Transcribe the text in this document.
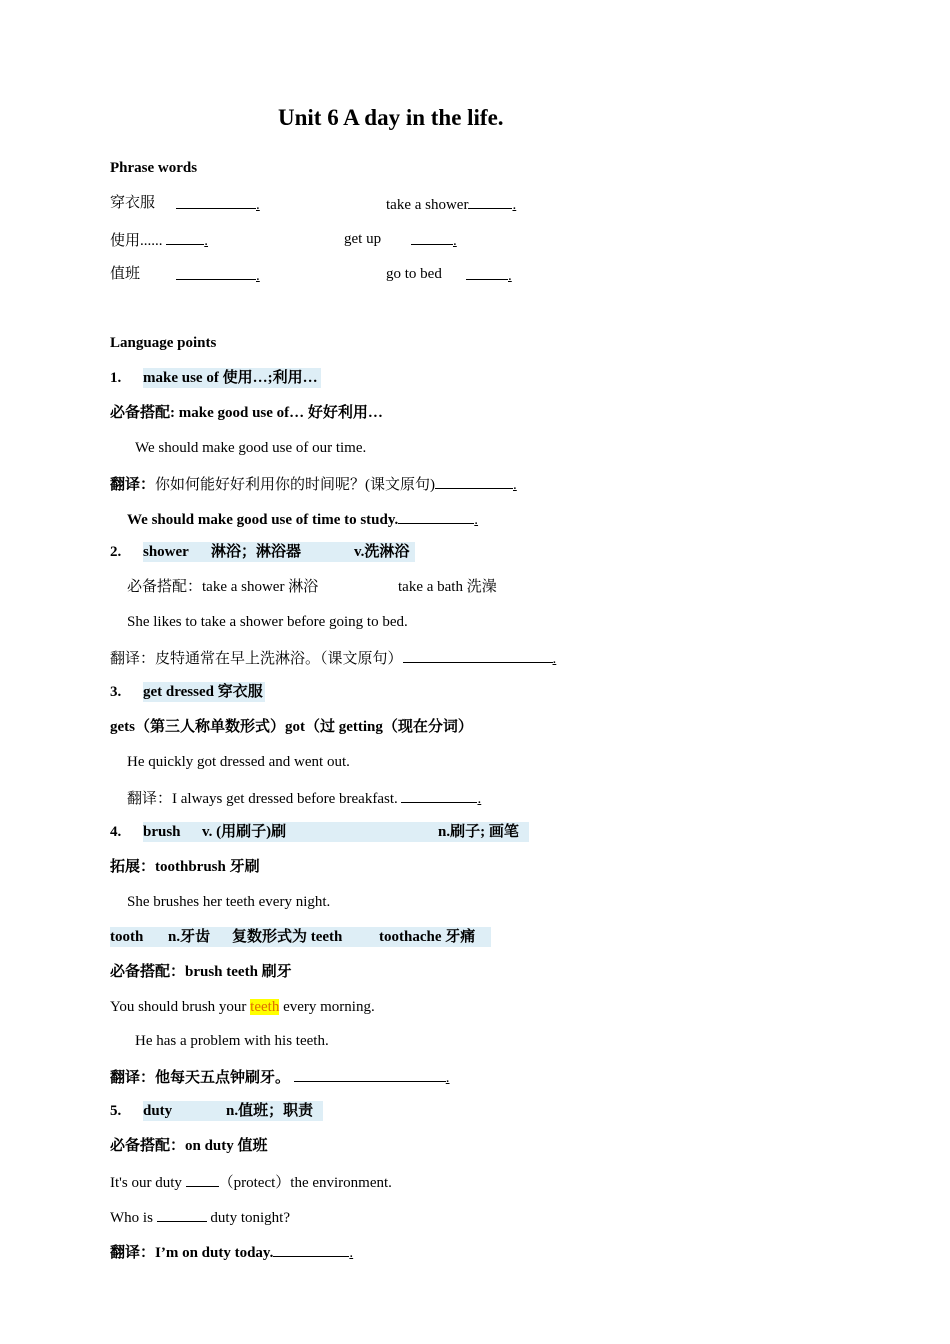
Unit 6 A day in the life.
Phrase words
穿衣服	.	take a shower	.
使用......	.	get up	.
值班	.	go to bed	.
Language points
1. make use of 使用…;利用…
必备搭配: make good use of… 好好利用…
We should make good use of our time.
翻译：你如何能好好利用你的时间呢？(课文原句)	.
We should make good use of time to study.	.
2. shower 淋浴；淋浴器	v.洗淋浴
必备搭配：take a shower 淋浴	take a bath 洗澡
She likes to take a shower before going to bed.
翻译：皮特通常在早上洗淋浴。（课文原句）	.
3. get dressed 穿衣服
gets（第三人称单数形式）got（过 getting（现在分词）
He quickly got dressed and went out.
翻译：I always get dressed before breakfast.	.
4. brush v. (用刷子)刷	n.刷子; 画笔
拓展：toothbrush 牙刷
She brushes her teeth every night.
tooth n.牙齿 复数形式为 teeth toothache 牙痛
必备搭配：brush teeth 刷牙
You should brush your teeth every morning.
He has a problem with his teeth.
翻译：他每天五点钟刷牙。	.
5. duty	n.值班；职责
必备搭配：on duty 值班
It's our duty （protect）the environment.
Who is	duty tonight?
翻译：I’m on duty today.	.
